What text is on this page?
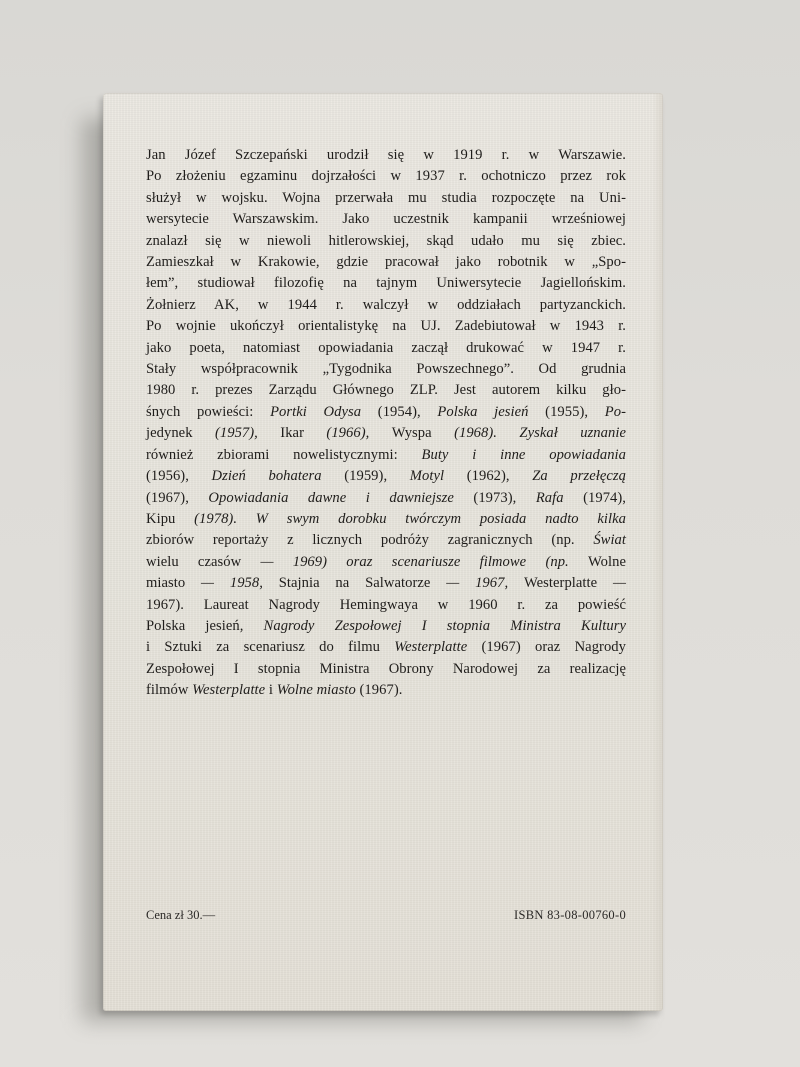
Jan Józef Szczepański urodził się w 1919 r. w Warszawie.
Po złożeniu egzaminu dojrzałości w 1937 r. ochotniczo przez rok
służył w wojsku. Wojna przerwała mu studia rozpoczęte na Uni-
wersytecie Warszawskim. Jako uczestnik kampanii wrześniowej
znalazł się w niewoli hitlerowskiej, skąd udało mu się zbiec.
Zamieszkał w Krakowie, gdzie pracował jako robotnik w „Spo-
łem”, studiował filozofię na tajnym Uniwersytecie Jagiellońskim.
Żołnierz AK, w 1944 r. walczył w oddziałach partyzanckich.
Po wojnie ukończył orientalistykę na UJ. Zadebiutował w 1943 r.
jako poeta, natomiast opowiadania zaczął drukować w 1947 r.
Stały współpracownik „Tygodnika Powszechnego”. Od grudnia
1980 r. prezes Zarządu Głównego ZLP. Jest autorem kilku gło-
śnych powieści: Portki Odysa (1954), Polska jesień (1955), Po-
jedynek (1957), Ikar (1966), Wyspa (1968). Zyskał uznanie
również zbiorami nowelistycznymi: Buty i inne opowiadania
(1956), Dzień bohatera (1959), Motyl (1962), Za przełęczą
(1967), Opowiadania dawne i dawniejsze (1973), Rafa (1974),
Kipu (1978). W swym dorobku twórczym posiada nadto kilka
zbiorów reportaży z licznych podróży zagranicznych (np. Świat
wielu czasów — 1969) oraz scenariusze filmowe (np. Wolne
miasto — 1958, Stajnia na Salwatorze — 1967, Westerplatte —
1967). Laureat Nagrody Hemingwaya w 1960 r. za powieść
Polska jesień, Nagrody Zespołowej I stopnia Ministra Kultury
i Sztuki za scenariusz do filmu Westerplatte (1967) oraz Nagrody
Zespołowej I stopnia Ministra Obrony Narodowej za realizację
filmów Westerplatte i Wolne miasto (1967).

Cena zł 30.—	ISBN 83-08-00760-0
